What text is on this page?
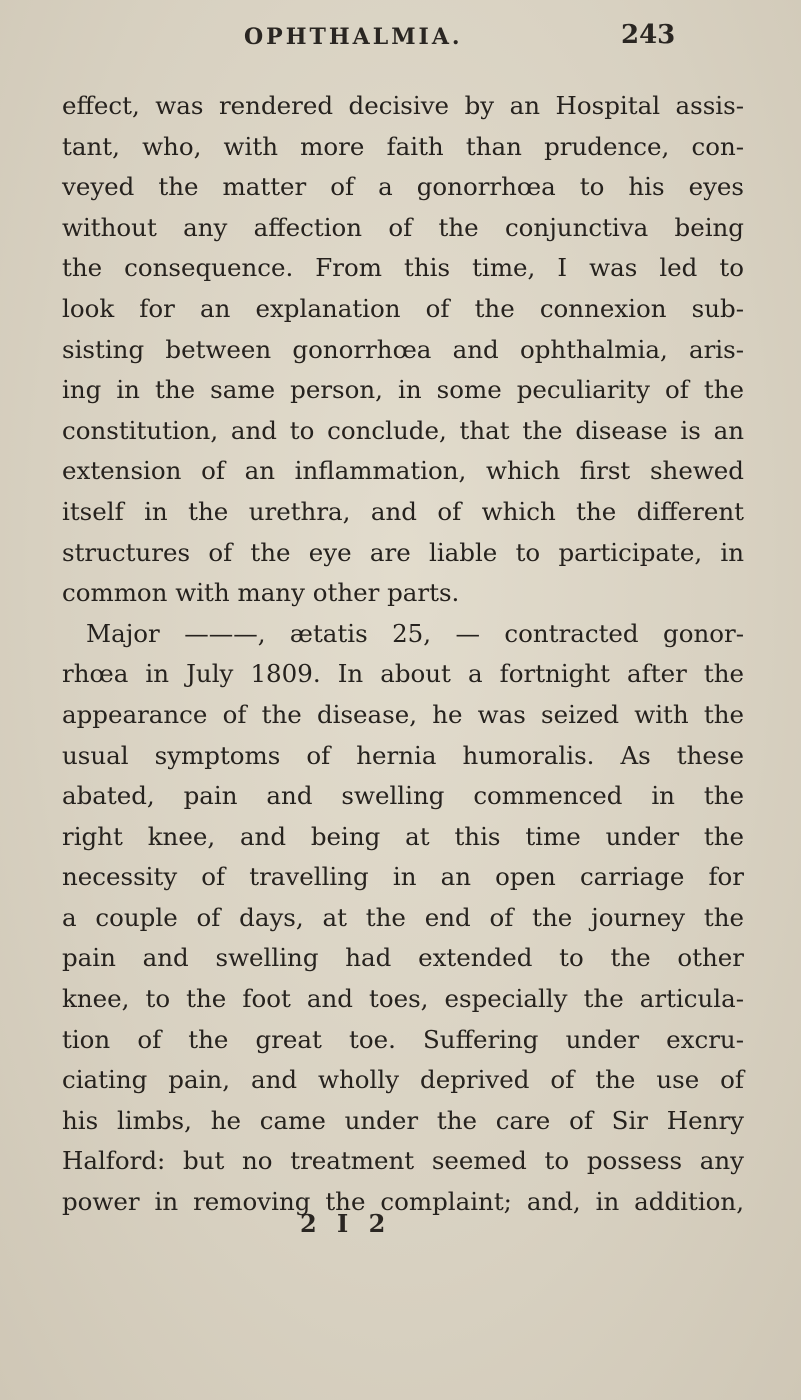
OPHTHALMIA.	243
effect, was rendered decisive by an Hospital assis-
tant, who, with more faith than prudence, con-
veyed the matter of a gonorrhœa to his eyes
without any affection of the conjunctiva being
the consequence. From this time, I was led to
look for an explanation of the connexion sub-
sisting between gonorrhœa and ophthalmia, aris-
ing in the same person, in some peculiarity of the
constitution, and to conclude, that the disease is an
extension of an inflammation, which first shewed
itself in the urethra, and of which the different
structures of the eye are liable to participate, in
common with many other parts.
Major ———, ætatis 25, — contracted gonor-
rhœa in July 1809. In about a fortnight after the
appearance of the disease, he was seized with the
usual symptoms of hernia humoralis. As these
abated, pain and swelling commenced in the
right knee, and being at this time under the
necessity of travelling in an open carriage for
a couple of days, at the end of the journey the
pain and swelling had extended to the other
knee, to the foot and toes, especially the articula-
tion of the great toe. Suffering under excru-
ciating pain, and wholly deprived of the use of
his limbs, he came under the care of Sir Henry
Halford: but no treatment seemed to possess any
power in removing the complaint; and, in addition,
2 I 2
